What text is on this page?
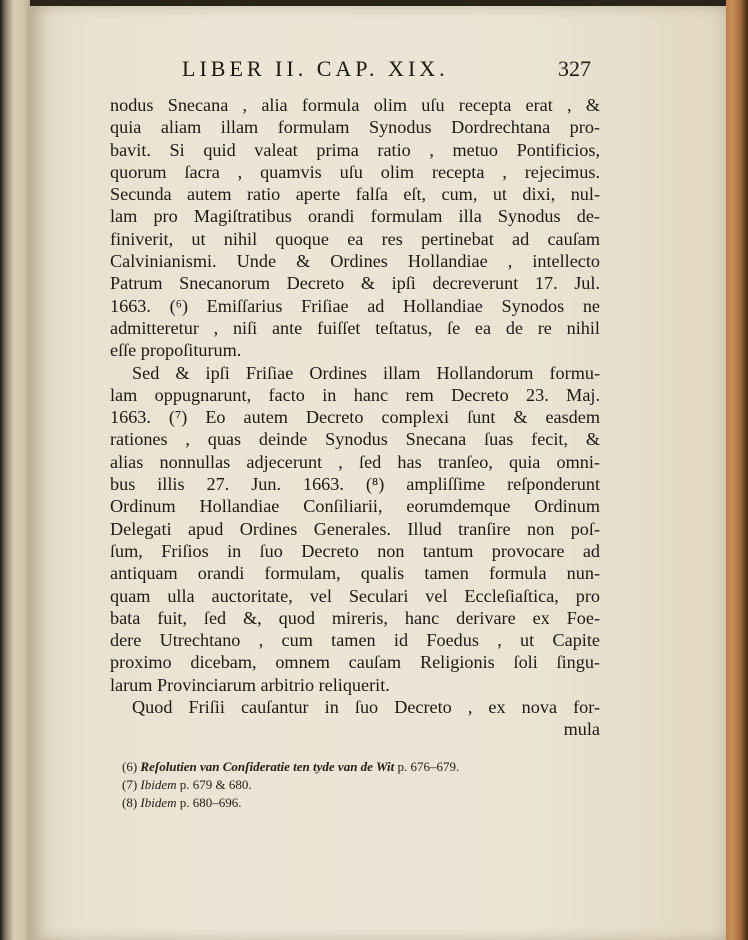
LIBER II. CAP. XIX.	327
nodus Snecana , alia formula olim uſu recepta erat , &
quia aliam illam formulam Synodus Dordrechtana pro-
bavit. Si quid valeat prima ratio , metuo Pontificios,
quorum ſacra , quamvis uſu olim recepta , rejecimus.
Secunda autem ratio aperte falſa eſt, cum, ut dixi, nul-
lam pro Magiſtratibus orandi formulam illa Synodus de-
finiverit, ut nihil quoque ea res pertinebat ad cauſam
Calvinianismi. Unde & Ordines Hollandiae , intellecto
Patrum Snecanorum Decreto & ipſi decreverunt 17. Jul.
1663. (⁶) Emiſſarius Friſiae ad Hollandiae Synodos ne
admitteretur , niſi ante fuiſſet teſtatus, ſe ea de re nihil
eſſe propoſiturum.
Sed & ipſi Friſiae Ordines illam Hollandorum formu-
lam oppugnarunt, facto in hanc rem Decreto 23. Maj.
1663. (⁷) Eo autem Decreto complexi ſunt & easdem
rationes , quas deinde Synodus Snecana ſuas fecit, &
alias nonnullas adjecerunt , ſed has tranſeo, quia omni-
bus illis 27. Jun. 1663. (⁸) ampliſſime reſponderunt
Ordinum Hollandiae Conſiliarii, eorumdemque Ordinum
Delegati apud Ordines Generales. Illud tranſire non poſ-
ſum, Friſios in ſuo Decreto non tantum provocare ad
antiquam orandi formulam, qualis tamen formula nun-
quam ulla auctoritate, vel Seculari vel Eccleſiaſtica, pro
bata fuit, ſed &, quod mireris, hanc derivare ex Foe-
dere Utrechtano , cum tamen id Foedus , ut Capite
proximo dicebam, omnem cauſam Religionis ſoli ſingu-
larum Provinciarum arbitrio reliquerit.
Quod Friſii cauſantur in ſuo Decreto , ex nova for-
mula
(6) Reſolutien van Conſideratie ten tyde van de Wit p. 676–679.
(7) Ibidem p. 679 & 680.
(8) Ibidem p. 680–696.
